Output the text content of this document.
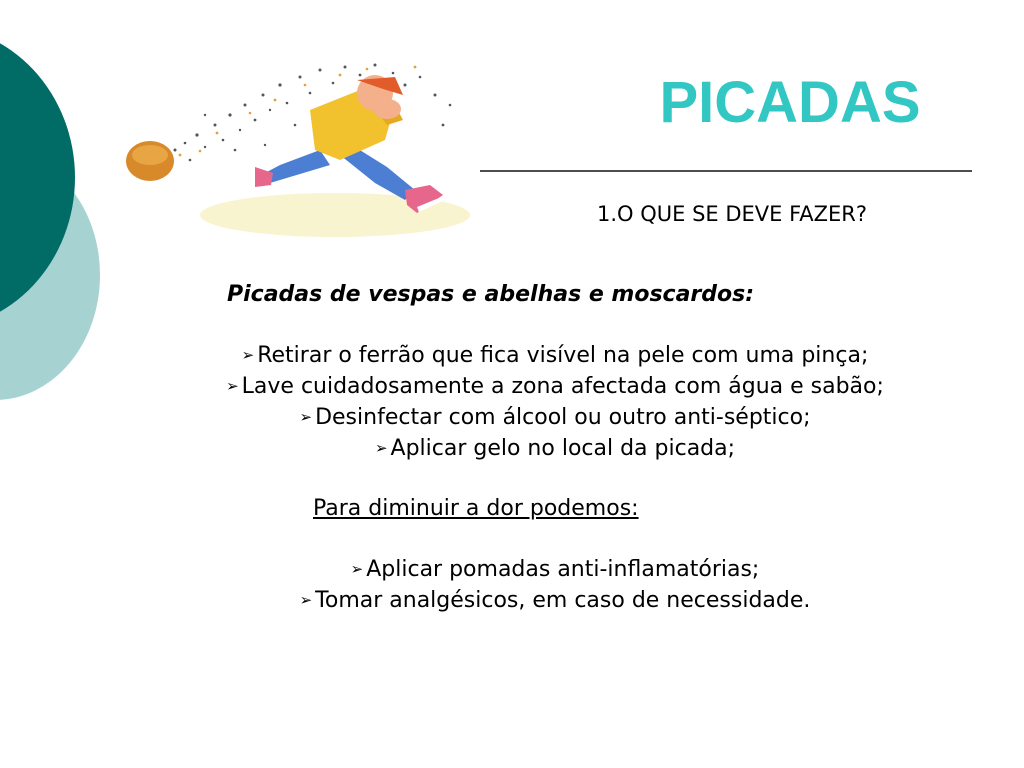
PICADAS
1.O QUE SE DEVE FAZER?
Picadas de vespas e abelhas e moscardos:
➢ Retirar o ferrão que fica visível na pele com uma pinça;
➢ Lave cuidadosamente a zona afectada com água e sabão;
➢ Desinfectar com álcool ou outro anti-séptico;
➢ Aplicar gelo no local da picada;
Para diminuir a dor podemos:
➢ Aplicar pomadas anti-inflamatórias;
➢ Tomar analgésicos, em caso de necessidade.
